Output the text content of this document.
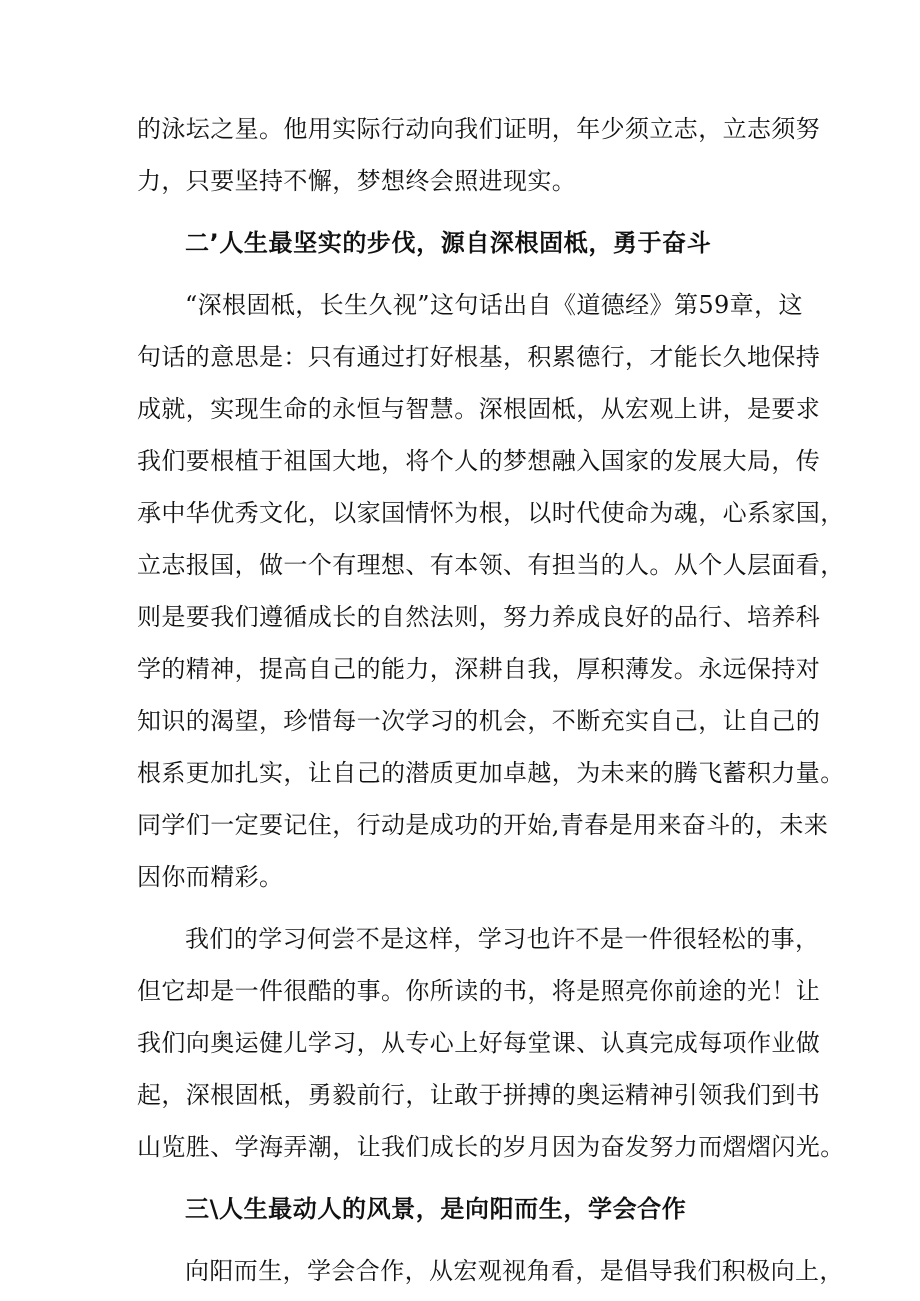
的泳坛之星。他用实际行动向我们证明，年少须立志，立志须努
力，只要坚持不懈，梦想终会照进现实。
二’人生最坚实的步伐，源自深根固柢，勇于奋斗
“深根固柢，长生久视”这句话出自《道德经》第59章，这
句话的意思是：只有通过打好根基，积累德行，才能长久地保持
成就，实现生命的永恒与智慧。深根固柢，从宏观上讲，是要求
我们要根植于祖国大地，将个人的梦想融入国家的发展大局，传
承中华优秀文化，以家国情怀为根，以时代使命为魂，心系家国，
立志报国，做一个有理想、有本领、有担当的人。从个人层面看，
则是要我们遵循成长的自然法则，努力养成良好的品行、培养科
学的精神，提高自己的能力，深耕自我，厚积薄发。永远保持对
知识的渴望，珍惜每一次学习的机会，不断充实自己，让自己的
根系更加扎实，让自己的潜质更加卓越，为未来的腾飞蓄积力量。
同学们一定要记住，行动是成功的开始,青春是用来奋斗的，未来
因你而精彩。
我们的学习何尝不是这样，学习也许不是一件很轻松的事，
但它却是一件很酷的事。你所读的书，将是照亮你前途的光！让
我们向奥运健儿学习，从专心上好每堂课、认真完成每项作业做
起，深根固柢，勇毅前行，让敢于拼搏的奥运精神引领我们到书
山览胜、学海弄潮，让我们成长的岁月因为奋发努力而熠熠闪光。
三\人生最动人的风景，是向阳而生，学会合作
向阳而生，学会合作，从宏观视角看，是倡导我们积极向上，
